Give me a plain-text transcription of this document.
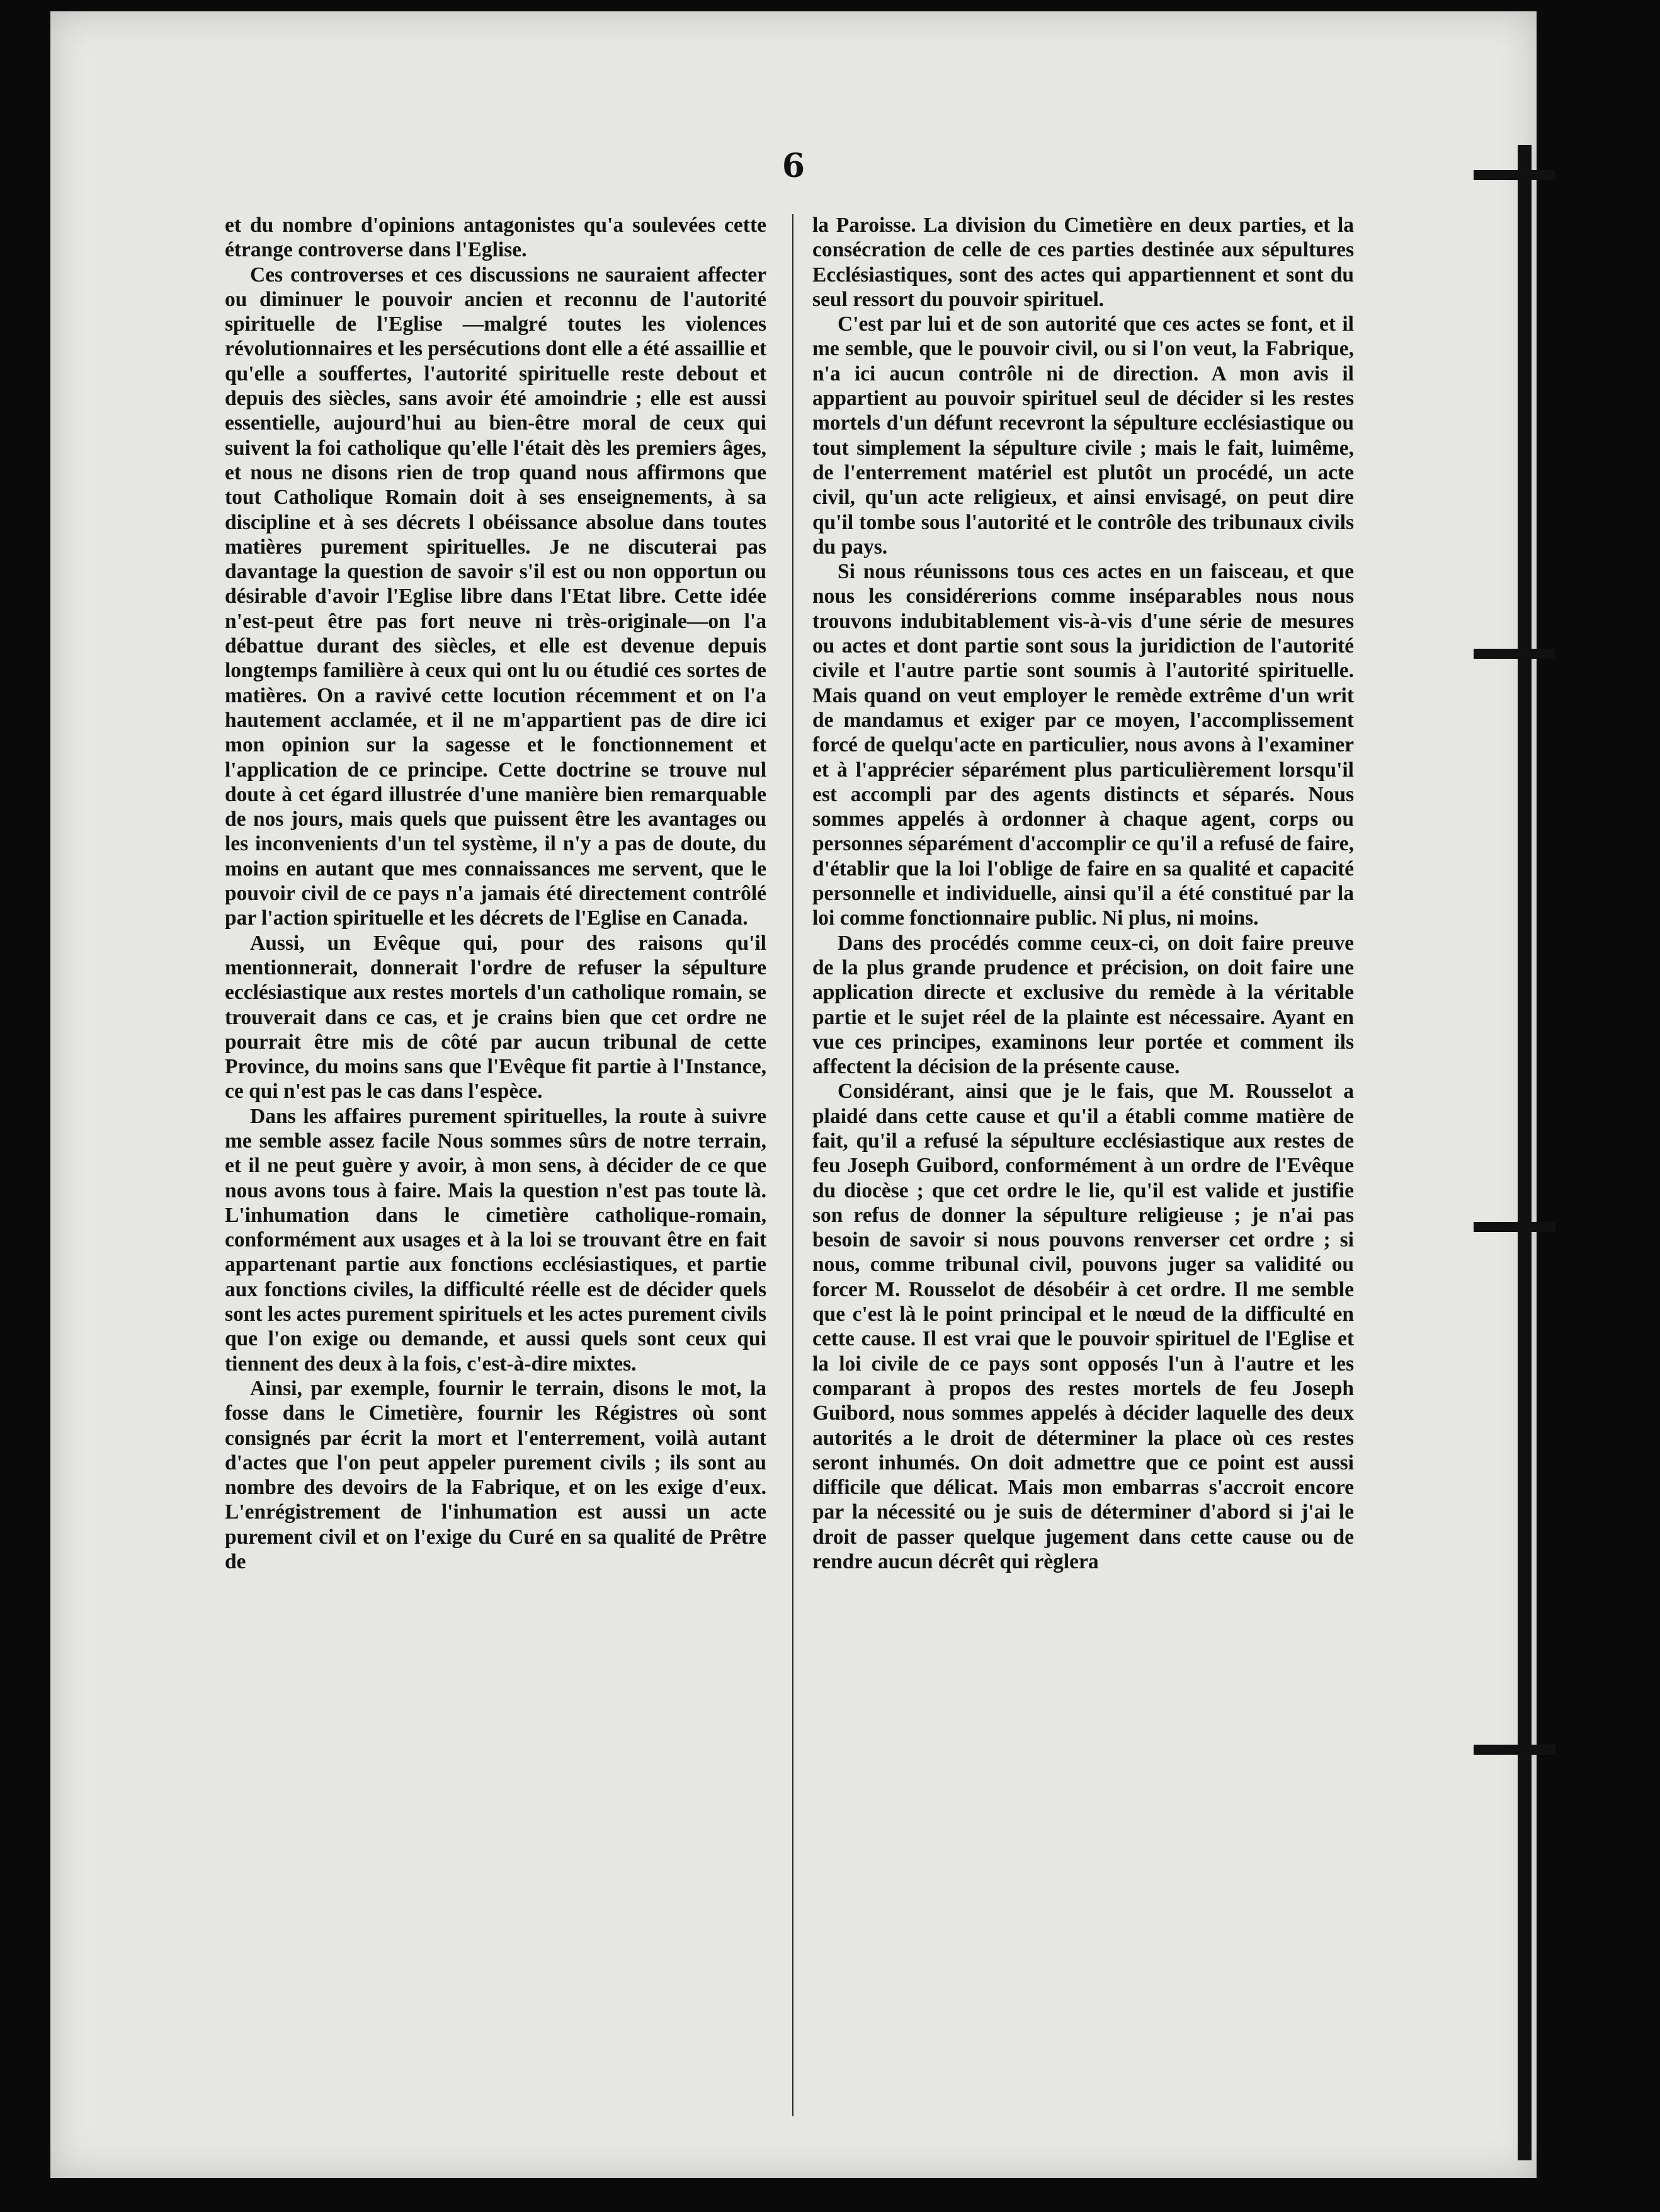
6

et du nombre d'opinions antagonistes qu'a soulevées cette étrange controverse dans l'Eglise.

Ces controverses et ces discussions ne sauraient affecter ou diminuer le pouvoir ancien et reconnu de l'autorité spirituelle de l'Eglise —malgré toutes les violences révolutionnaires et les persécutions dont elle a été assaillie et qu'elle a souffertes, l'autorité spirituelle reste debout et depuis des siècles, sans avoir été amoindrie ; elle est aussi essentielle, aujourd'hui au bien-être moral de ceux qui suivent la foi catholique qu'elle l'était dès les premiers âges, et nous ne disons rien de trop quand nous affirmons que tout Catholique Romain doit à ses enseignements, à sa discipline et à ses décrets l obéissance absolue dans toutes matières purement spirituelles. Je ne discuterai pas davantage la question de savoir s'il est ou non opportun ou désirable d'avoir l'Eglise libre dans l'Etat libre. Cette idée n'est-peut être pas fort neuve ni très-originale—on l'a débattue durant des siècles, et elle est devenue depuis longtemps familière à ceux qui ont lu ou étudié ces sortes de matières. On a ravivé cette locution récemment et on l'a hautement acclamée, et il ne m'appartient pas de dire ici mon opinion sur la sagesse et le fonctionnement et l'application de ce principe. Cette doctrine se trouve nul doute à cet égard illustrée d'une manière bien remarquable de nos jours, mais quels que puissent être les avantages ou les inconvenients d'un tel système, il n'y a pas de doute, du moins en autant que mes connaissances me servent, que le pouvoir civil de ce pays n'a jamais été directement contrôlé par l'action spirituelle et les décrets de l'Eglise en Canada.

Aussi, un Evêque qui, pour des raisons qu'il mentionnerait, donnerait l'ordre de refuser la sépulture ecclésiastique aux restes mortels d'un catholique romain, se trouverait dans ce cas, et je crains bien que cet ordre ne pourrait être mis de côté par aucun tribunal de cette Province, du moins sans que l'Evêque fit partie à l'Instance, ce qui n'est pas le cas dans l'espèce.

Dans les affaires purement spirituelles, la route à suivre me semble assez facile Nous sommes sûrs de notre terrain, et il ne peut guère y avoir, à mon sens, à décider de ce que nous avons tous à faire. Mais la question n'est pas toute là. L'inhumation dans le cimetière catholique-romain, conformément aux usages et à la loi se trouvant être en fait appartenant partie aux fonctions ecclésiastiques, et partie aux fonctions civiles, la difficulté réelle est de décider quels sont les actes purement spirituels et les actes purement civils que l'on exige ou demande, et aussi quels sont ceux qui tiennent des deux à la fois, c'est-à-dire mixtes.

Ainsi, par exemple, fournir le terrain, disons le mot, la fosse dans le Cimetière, fournir les Régistres où sont consignés par écrit la mort et l'enterrement, voilà autant d'actes que l'on peut appeler purement civils ; ils sont au nombre des devoirs de la Fabrique, et on les exige d'eux. L'enrégistrement de l'inhumation est aussi un acte purement civil et on l'exige du Curé en sa qualité de Prêtre de

la Paroisse. La division du Cimetière en deux parties, et la consécration de celle de ces parties destinée aux sépultures Ecclésiastiques, sont des actes qui appartiennent et sont du seul ressort du pouvoir spirituel.

C'est par lui et de son autorité que ces actes se font, et il me semble, que le pouvoir civil, ou si l'on veut, la Fabrique, n'a ici aucun contrôle ni de direction. A mon avis il appartient au pouvoir spirituel seul de décider si les restes mortels d'un défunt recevront la sépulture ecclésiastique ou tout simplement la sépulture civile ; mais le fait, luimême, de l'enterrement matériel est plutôt un procédé, un acte civil, qu'un acte religieux, et ainsi envisagé, on peut dire qu'il tombe sous l'autorité et le contrôle des tribunaux civils du pays.

Si nous réunissons tous ces actes en un faisceau, et que nous les considérerions comme inséparables nous nous trouvons indubitablement vis-à-vis d'une série de mesures ou actes et dont partie sont sous la juridiction de l'autorité civile et l'autre partie sont soumis à l'autorité spirituelle. Mais quand on veut employer le remède extrême d'un writ de mandamus et exiger par ce moyen, l'accomplissement forcé de quelqu'acte en particulier, nous avons à l'examiner et à l'apprécier séparément plus particulièrement lorsqu'il est accompli par des agents distincts et séparés. Nous sommes appelés à ordonner à chaque agent, corps ou personnes séparément d'accomplir ce qu'il a refusé de faire, d'établir que la loi l'oblige de faire en sa qualité et capacité personnelle et individuelle, ainsi qu'il a été constitué par la loi comme fonctionnaire public. Ni plus, ni moins.

Dans des procédés comme ceux-ci, on doit faire preuve de la plus grande prudence et précision, on doit faire une application directe et exclusive du remède à la véritable partie et le sujet réel de la plainte est nécessaire. Ayant en vue ces principes, examinons leur portée et comment ils affectent la décision de la présente cause.

Considérant, ainsi que je le fais, que M. Rousselot a plaidé dans cette cause et qu'il a établi comme matière de fait, qu'il a refusé la sépulture ecclésiastique aux restes de feu Joseph Guibord, conformément à un ordre de l'Evêque du diocèse ; que cet ordre le lie, qu'il est valide et justifie son refus de donner la sépulture religieuse ; je n'ai pas besoin de savoir si nous pouvons renverser cet ordre ; si nous, comme tribunal civil, pouvons juger sa validité ou forcer M. Rousselot de désobéir à cet ordre. Il me semble que c'est là le point principal et le nœud de la difficulté en cette cause. Il est vrai que le pouvoir spirituel de l'Eglise et la loi civile de ce pays sont opposés l'un à l'autre et les comparant à propos des restes mortels de feu Joseph Guibord, nous sommes appelés à décider laquelle des deux autorités a le droit de déterminer la place où ces restes seront inhumés. On doit admettre que ce point est aussi difficile que délicat. Mais mon embarras s'accroit encore par la nécessité ou je suis de déterminer d'abord si j'ai le droit de passer quelque jugement dans cette cause ou de rendre aucun décrêt qui règlera
